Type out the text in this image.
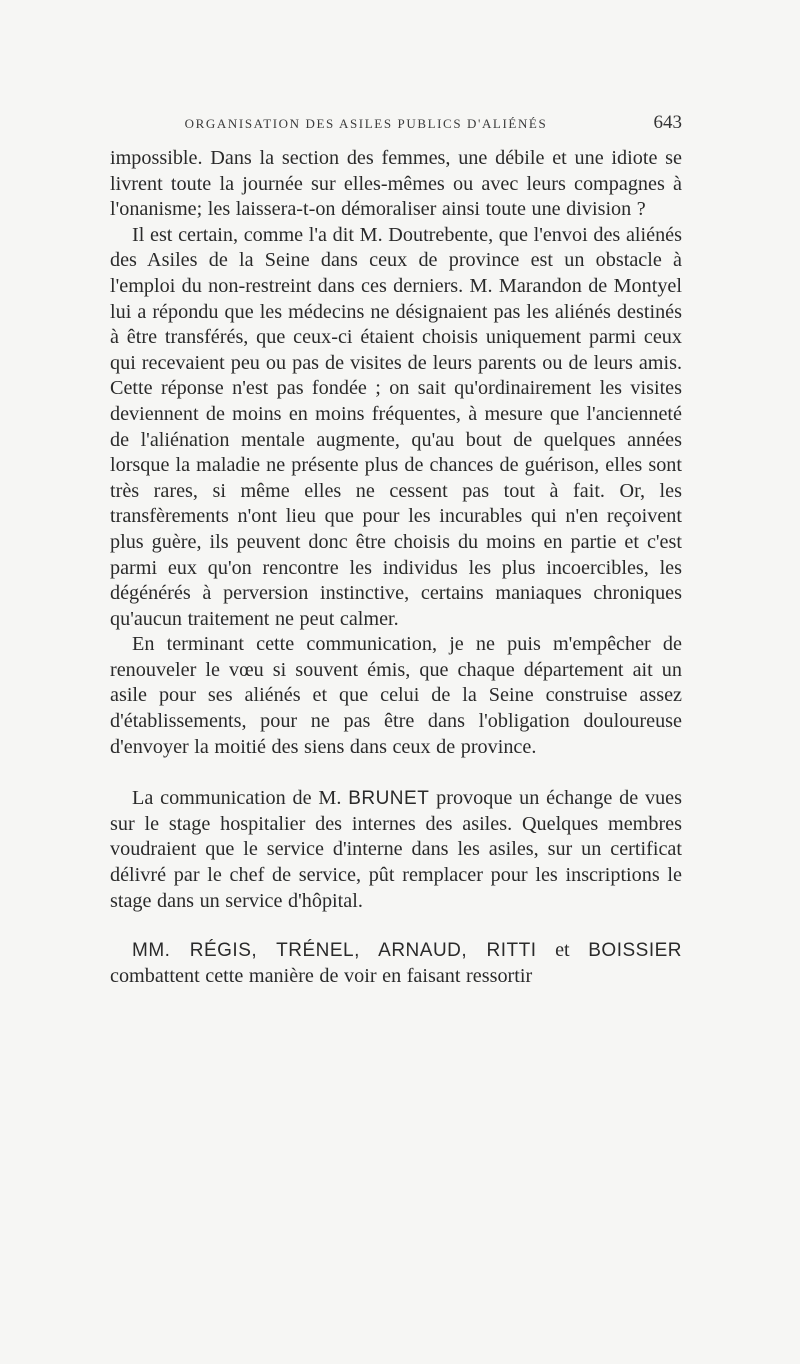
ORGANISATION DES ASILES PUBLICS D'ALIÉNÉS	643

impossible. Dans la section des femmes, une débile et une idiote se livrent toute la journée sur elles-mêmes ou avec leurs compagnes à l'onanisme; les laissera-t-on démoraliser ainsi toute une division ?

Il est certain, comme l'a dit M. Doutrebente, que l'envoi des aliénés des Asiles de la Seine dans ceux de province est un obstacle à l'emploi du non-restreint dans ces derniers. M. Marandon de Montyel lui a répondu que les médecins ne désignaient pas les aliénés destinés à être transférés, que ceux-ci étaient choisis uniquement parmi ceux qui recevaient peu ou pas de visites de leurs parents ou de leurs amis. Cette réponse n'est pas fondée ; on sait qu'ordinairement les visites deviennent de moins en moins fréquentes, à mesure que l'ancienneté de l'aliénation mentale augmente, qu'au bout de quelques années lorsque la maladie ne présente plus de chances de guérison, elles sont très rares, si même elles ne cessent pas tout à fait. Or, les transfèrements n'ont lieu que pour les incurables qui n'en reçoivent plus guère, ils peuvent donc être choisis du moins en partie et c'est parmi eux qu'on rencontre les individus les plus incoercibles, les dégénérés à perversion instinctive, certains maniaques chroniques qu'aucun traitement ne peut calmer.

En terminant cette communication, je ne puis m'empêcher de renouveler le vœu si souvent émis, que chaque département ait un asile pour ses aliénés et que celui de la Seine construise assez d'établissements, pour ne pas être dans l'obligation douloureuse d'envoyer la moitié des siens dans ceux de province.

La communication de M. BRUNET provoque un échange de vues sur le stage hospitalier des internes des asiles. Quelques membres voudraient que le service d'interne dans les asiles, sur un certificat délivré par le chef de service, pût remplacer pour les inscriptions le stage dans un service d'hôpital.

MM. RÉGIS, TRÉNEL, ARNAUD, RITTI et BOISSIER combattent cette manière de voir en faisant ressortir
